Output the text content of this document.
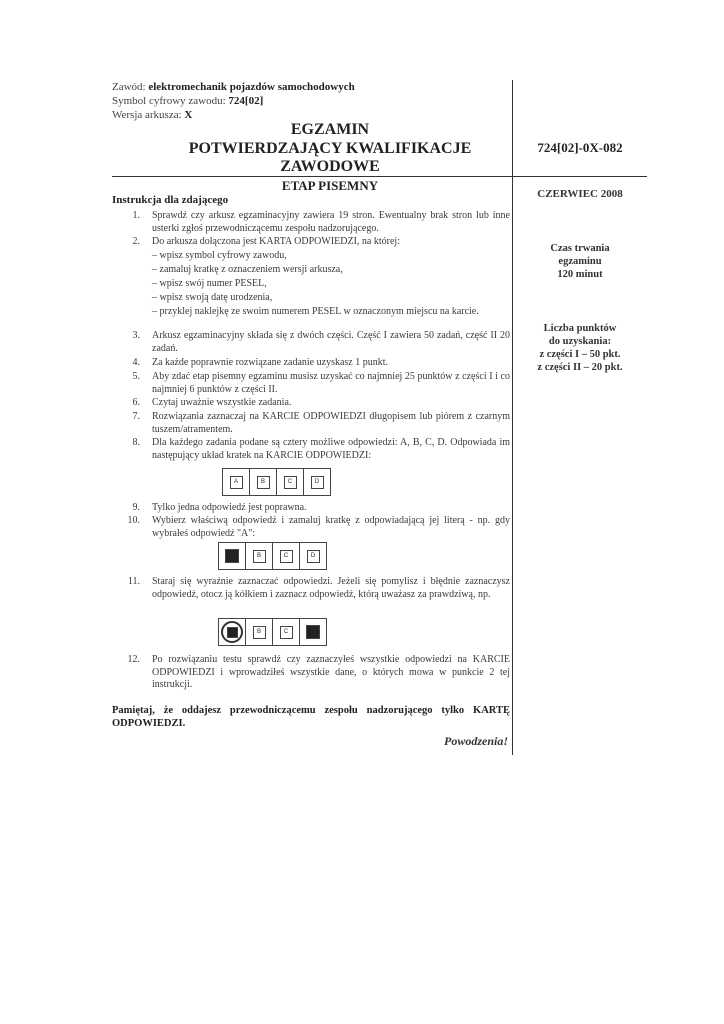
Zawód: elektromechanik pojazdów samochodowych
Symbol cyfrowy zawodu: 724[02]
Wersja arkusza: X
EGZAMIN
POTWIERDZAJĄCY KWALIFIKACJE
ZAWODOWE
724[02]-0X-082
CZERWIEC 2008
Czas trwania
egzaminu
120 minut
Liczba punktów
do uzyskania:
z części I – 50 pkt.
z części II – 20 pkt.
ETAP PISEMNY
Instrukcja dla zdającego
1. Sprawdź czy arkusz egzaminacyjny zawiera 19 stron. Ewentualny brak stron lub inne usterki zgłoś przewodniczącemu zespołu nadzorującego.
2. Do arkusza dołączona jest KARTA ODPOWIEDZI, na której:
– wpisz symbol cyfrowy zawodu,
– zamaluj kratkę z oznaczeniem wersji arkusza,
– wpisz swój numer PESEL,
– wpisz swoją datę urodzenia,
– przyklej naklejkę ze swoim numerem PESEL w oznaczonym miejscu na karcie.
3. Arkusz egzaminacyjny składa się z dwóch części. Część I zawiera 50 zadań, część II 20 zadań.
4. Za każde poprawnie rozwiązane zadanie uzyskasz 1 punkt.
5. Aby zdać etap pisemny egzaminu musisz uzyskać co najmniej 25 punktów z części I i co najmniej 6 punktów z części II.
6. Czytaj uważnie wszystkie zadania.
7. Rozwiązania zaznaczaj na KARCIE ODPOWIEDZI długopisem lub piórem z czarnym tuszem/atramentem.
8. Dla każdego zadania podane są cztery możliwe odpowiedzi: A, B, C, D. Odpowiada im następujący układ kratek na KARCIE ODPOWIEDZI:
A	B	C	D
9. Tylko jedna odpowiedź jest poprawna.
10. Wybierz właściwą odpowiedź i zamaluj kratkę z odpowiadającą jej literą - np. gdy wybrałeś odpowiedź "A":
B	C	D
11. Staraj się wyraźnie zaznaczać odpowiedzi. Jeżeli się pomylisz i błędnie zaznaczysz odpowiedź, otocz ją kółkiem i zaznacz odpowiedź, którą uważasz za prawdziwą, np.
B	C
12. Po rozwiązaniu testu sprawdź czy zaznaczyłeś wszystkie odpowiedzi na KARCIE ODPOWIEDZI i wprowadziłeś wszystkie dane, o których mowa w punkcie 2 tej instrukcji.
Pamiętaj, że oddajesz przewodniczącemu zespołu nadzorującego tylko KARTĘ ODPOWIEDZI.
Powodzenia!
